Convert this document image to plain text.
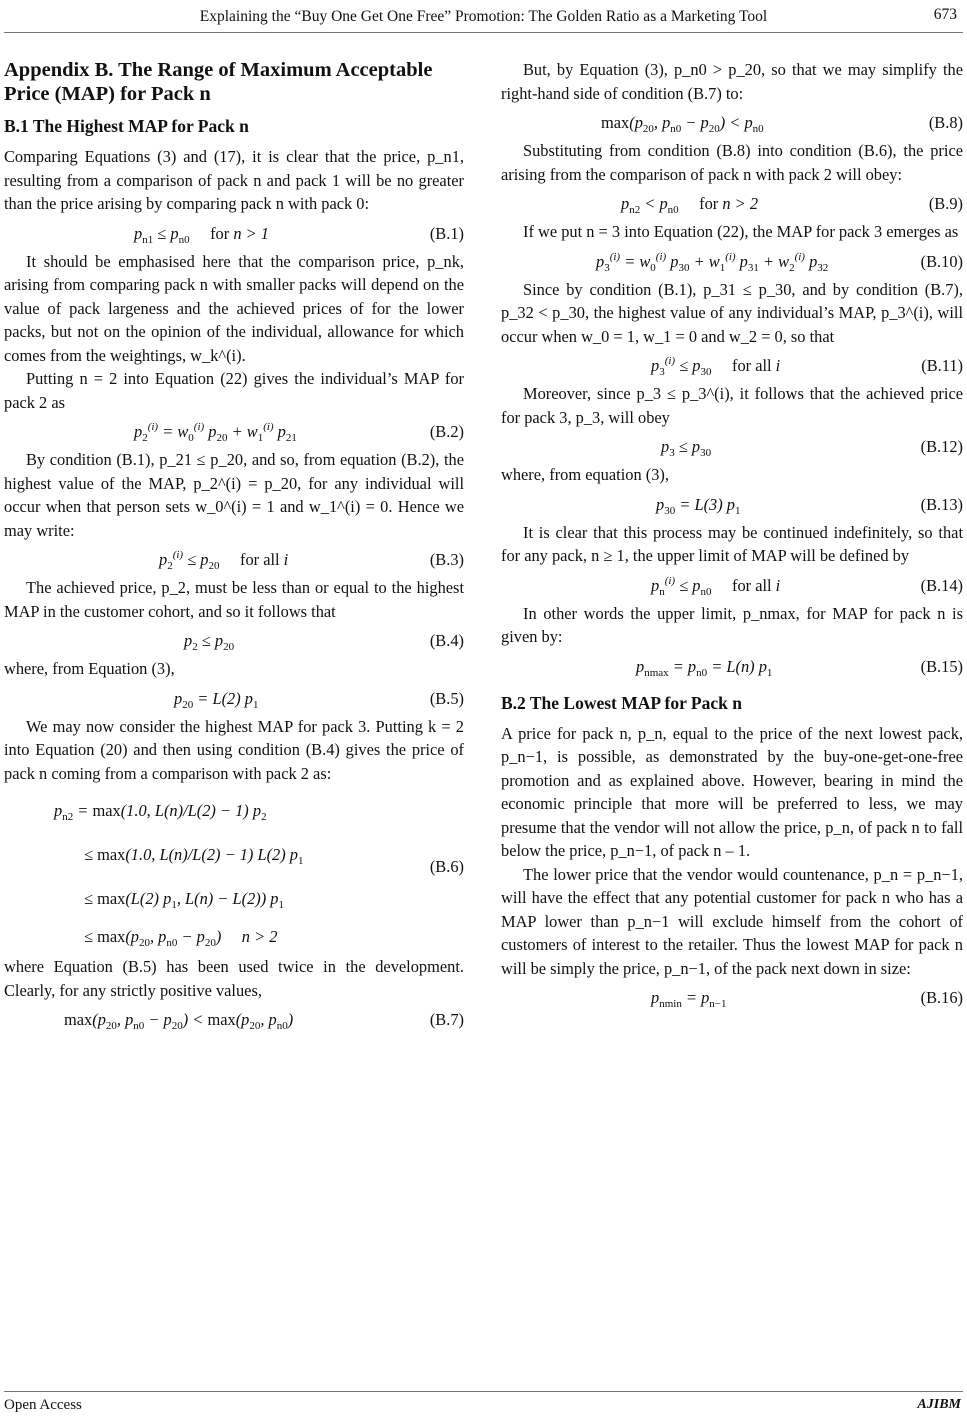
Explaining the “Buy One Get One Free” Promotion: The Golden Ratio as a Marketing Tool	673
Appendix B. The Range of Maximum Acceptable Price (MAP) for Pack n
B.1 The Highest MAP for Pack n

Comparing Equations (3) and (17), it is clear that the price, p_n1, resulting from a comparison of pack n and pack 1 will be no greater than the price arising by comparing pack n with pack 0:

$p_{n1} \le p_{n0}$ for n > 1	(B.1)

It should be emphasised here that the comparison price, p_nk, arising from comparing pack n with smaller packs will depend on the value of pack largeness and the achieved prices of for the lower packs, but not on the opinion of the individual, allowance for which comes from the weightings, w_k^(i).

Putting n = 2 into Equation (22) gives the individual’s MAP for pack 2 as

$p_2^{(i)} = w_0^{(i)}$ $p_{20} + w_1^{(i)}$ $p_{21}$	(B.2)

By condition (B.1), p_21 ≤ p_20, and so, from equation (B.2), the highest value of the MAP, p_2^(i) = p_20, for any individual will occur when that person sets w_0^(i) = 1 and w_1^(i) = 0. Hence we may write:

$p_2^{(i)} \le p_{20}$ for all i	(B.3)

The achieved price, p_2, must be less than or equal to the highest MAP in the customer cohort, and so it follows that

$p_2 \le p_{20}$	(B.4)

where, from Equation (3),

$p_{20} = L(2)$ $p_1$	(B.5)

We may now consider the highest MAP for pack 3. Putting k = 2 into Equation (20) and then using condition (B.4) gives the price of pack n coming from a comparison with pack 2 as:

$p_{n2} = \max(1.0$, L(n)/L(2) − 1) $p_2$
≤ max(1.0, L(n)/L(2) − 1) L(2) $p_1$
≤ max(L(2) $p_1$, L(n) − L(2)) $p_1$
≤ $\max(p_{20}$, $p_{n0} - p_{20}$)     n > 2
(B.6)

where Equation (B.5) has been used twice in the development. Clearly, for any strictly positive values,

$\max(p_{20}$, $p_{n0} - p_{20}) < \max(p_{20}$, $p_{n0}$)	(B.7)

But, by Equation (3), p_n0 > p_20, so that we may simplify the right-hand side of condition (B.7) to:

$\max(p_{20}$, $p_{n0} - p_{20}) < p_{n0}$	(B.8)

Substituting from condition (B.8) into condition (B.6), the price arising from the comparison of pack n with pack 2 will obey:

$p_{n2} < p_{n0}$ for n > 2	(B.9)

If we put n = 3 into Equation (22), the MAP for pack 3 emerges as

$p_3^{(i)} = w_0^{(i)}$ $p_{30} + w_1^{(i)}$ $p_{31} + w_2^{(i)}$ $p_{32}$	(B.10)

Since by condition (B.1), p_31 ≤ p_30, and by condition (B.7), p_32 < p_30, the highest value of any individual’s MAP, p_3^(i), will occur when w_0 = 1, w_1 = 0 and w_2 = 0, so that

$p_3^{(i)} \le p_{30}$ for all i	(B.11)

Moreover, since p_3 ≤ p_3^(i), it follows that the achieved price for pack 3, p_3, will obey

$p_3 \le p_{30}$	(B.12)

where, from equation (3),

$p_{30} = L(3)$ $p_1$	(B.13)

It is clear that this process may be continued indefinitely, so that for any pack, n ≥ 1, the upper limit of MAP will be defined by

$p_n^{(i)} \le p_{n0}$ for all i	(B.14)

In other words the upper limit, p_nmax, for MAP for pack n is given by:

$p_{nmax} = p_{n0} = L(n)$ $p_1$	(B.15)
B.2 The Lowest MAP for Pack n

A price for pack n, p_n, equal to the price of the next lowest pack, p_n−1, is possible, as demonstrated by the buy-one-get-one-free promotion and as explained above. However, bearing in mind the economic principle that more will be preferred to less, we may presume that the vendor will not allow the price, p_n, of pack n to fall below the price, p_n−1, of pack n – 1.

The lower price that the vendor would countenance, p_n = p_n−1, will have the effect that any potential customer for pack n who has a MAP lower than p_n−1 will exclude himself from the cohort of customers of interest to the retailer. Thus the lowest MAP for pack n will be simply the price, p_n−1, of the pack next down in size:

$p_{nmin} = p_{n-1}$	(B.16)
Open Access	AJIBM
